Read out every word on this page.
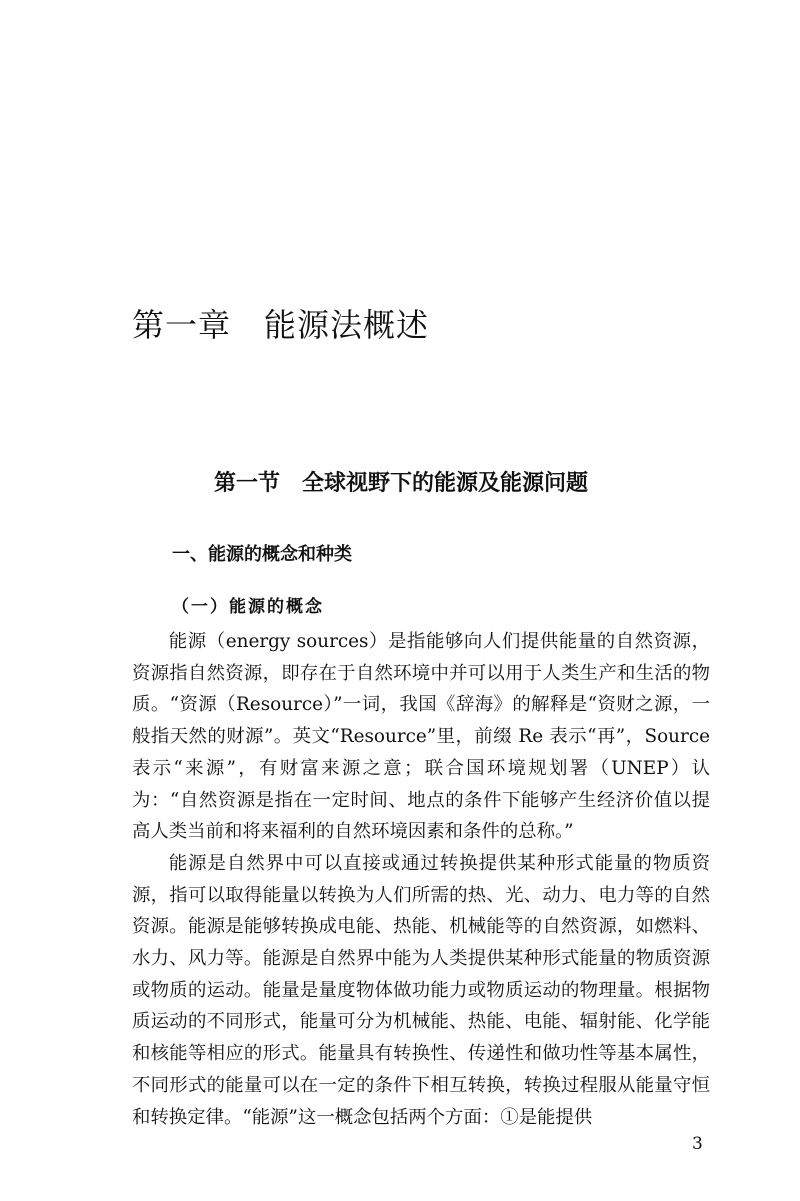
第一章　能源法概述
第一节　全球视野下的能源及能源问题
一、能源的概念和种类
（一）能源的概念

能源（energy sources）是指能够向人们提供能量的自然资源，资源指自然资源，即存在于自然环境中并可以用于人类生产和生活的物质。“资源（Resource）”一词，我国《辞海》的解释是“资财之源，一般指天然的财源”。英文“Resource”里，前缀 Re 表示“再”，Source 表示“来源”，有财富来源之意；联合国环境规划署（UNEP）认为：“自然资源是指在一定时间、地点的条件下能够产生经济价值以提高人类当前和将来福利的自然环境因素和条件的总称。”

能源是自然界中可以直接或通过转换提供某种形式能量的物质资源，指可以取得能量以转换为人们所需的热、光、动力、电力等的自然资源。能源是能够转换成电能、热能、机械能等的自然资源，如燃料、水力、风力等。能源是自然界中能为人类提供某种形式能量的物质资源或物质的运动。能量是量度物体做功能力或物质运动的物理量。根据物质运动的不同形式，能量可分为机械能、热能、电能、辐射能、化学能和核能等相应的形式。能量具有转换性、传递性和做功性等基本属性，不同形式的能量可以在一定的条件下相互转换，转换过程服从能量守恒和转换定律。“能源”这一概念包括两个方面：①是能提供

3
